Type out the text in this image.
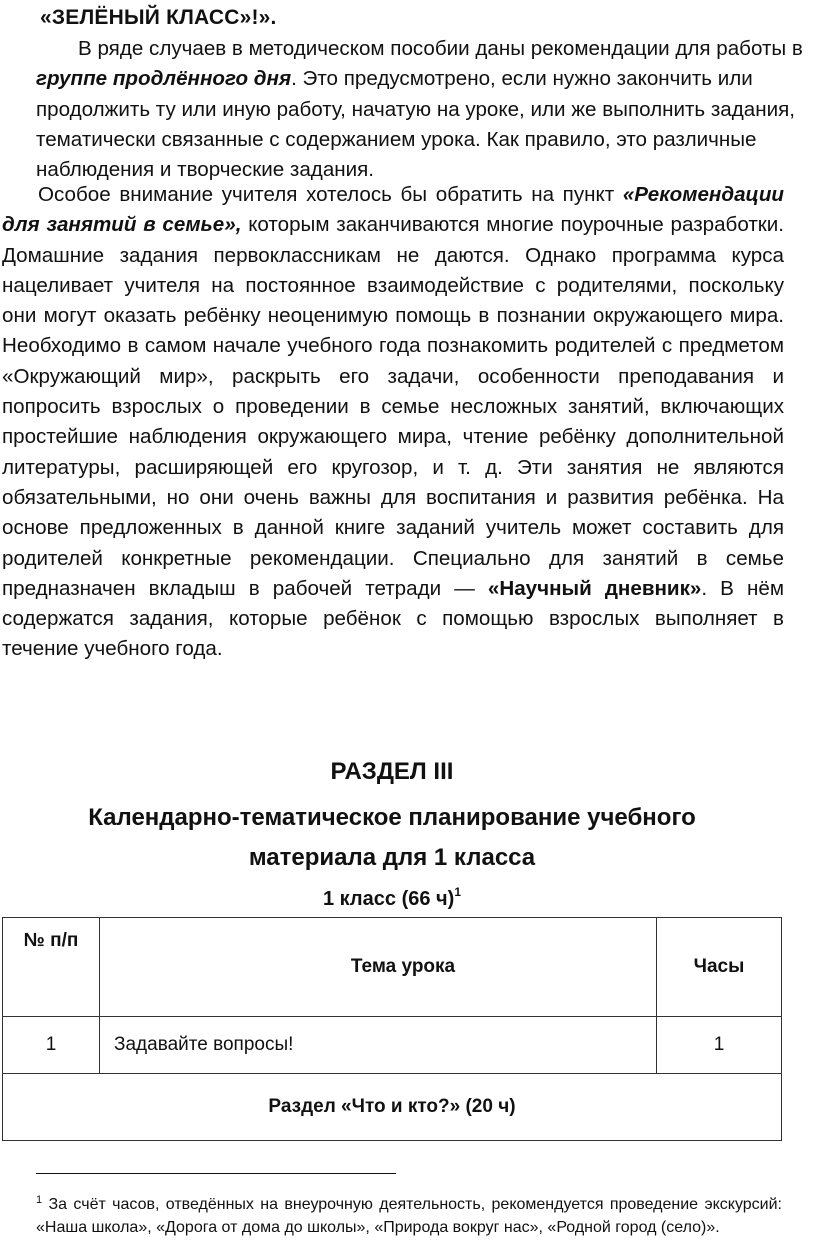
«ЗЕЛЁНЫЙ КЛАСС»!».

В ряде случаев в методическом пособии даны рекомендации для работы в группе продлённого дня. Это предусмотрено, если нужно закончить или продолжить ту или иную работу, начатую на уроке, или же выполнить задания, тематически связанные с содержанием урока. Как правило, это различные наблюдения и творческие задания.

Особое внимание учителя хотелось бы обратить на пункт «Рекомендации для занятий в семье», которым заканчиваются многие поурочные разработки. Домашние задания первоклассникам не даются. Однако программа курса нацеливает учителя на постоянное взаимодействие с родителями, поскольку они могут оказать ребёнку неоценимую помощь в познании окружающего мира. Необходимо в самом начале учебного года познакомить родителей с предметом «Окружающий мир», раскрыть его задачи, особенности преподавания и попросить взрослых о проведении в семье несложных занятий, включающих простейшие наблюдения окружающего мира, чтение ребёнку дополнительной литературы, расширяющей его кругозор, и т. д. Эти занятия не являются обязательными, но они очень важны для воспитания и развития ребёнка. На основе предложенных в данной книге заданий учитель может составить для родителей конкретные рекомендации. Специально для занятий в семье предназначен вкладыш в рабочей тетради — «Научный дневник». В нём содержатся задания, которые ребёнок с помощью взрослых выполняет в течение учебного года.

РАЗДЕЛ III
Календарно-тематическое планирование учебного материала для 1 класса
1 класс (66 ч)$^1$
№ п/п	Тема урока	Часы
1	Задавайте вопросы!	1
Раздел «Что и кто?» (20 ч)		

$^1$ За счёт часов, отведённых на внеурочную деятельность, рекомендуется проведение экскурсий: «Наша школа», «Дорога от дома до школы», «Природа вокруг нас», «Родной город (село)».
